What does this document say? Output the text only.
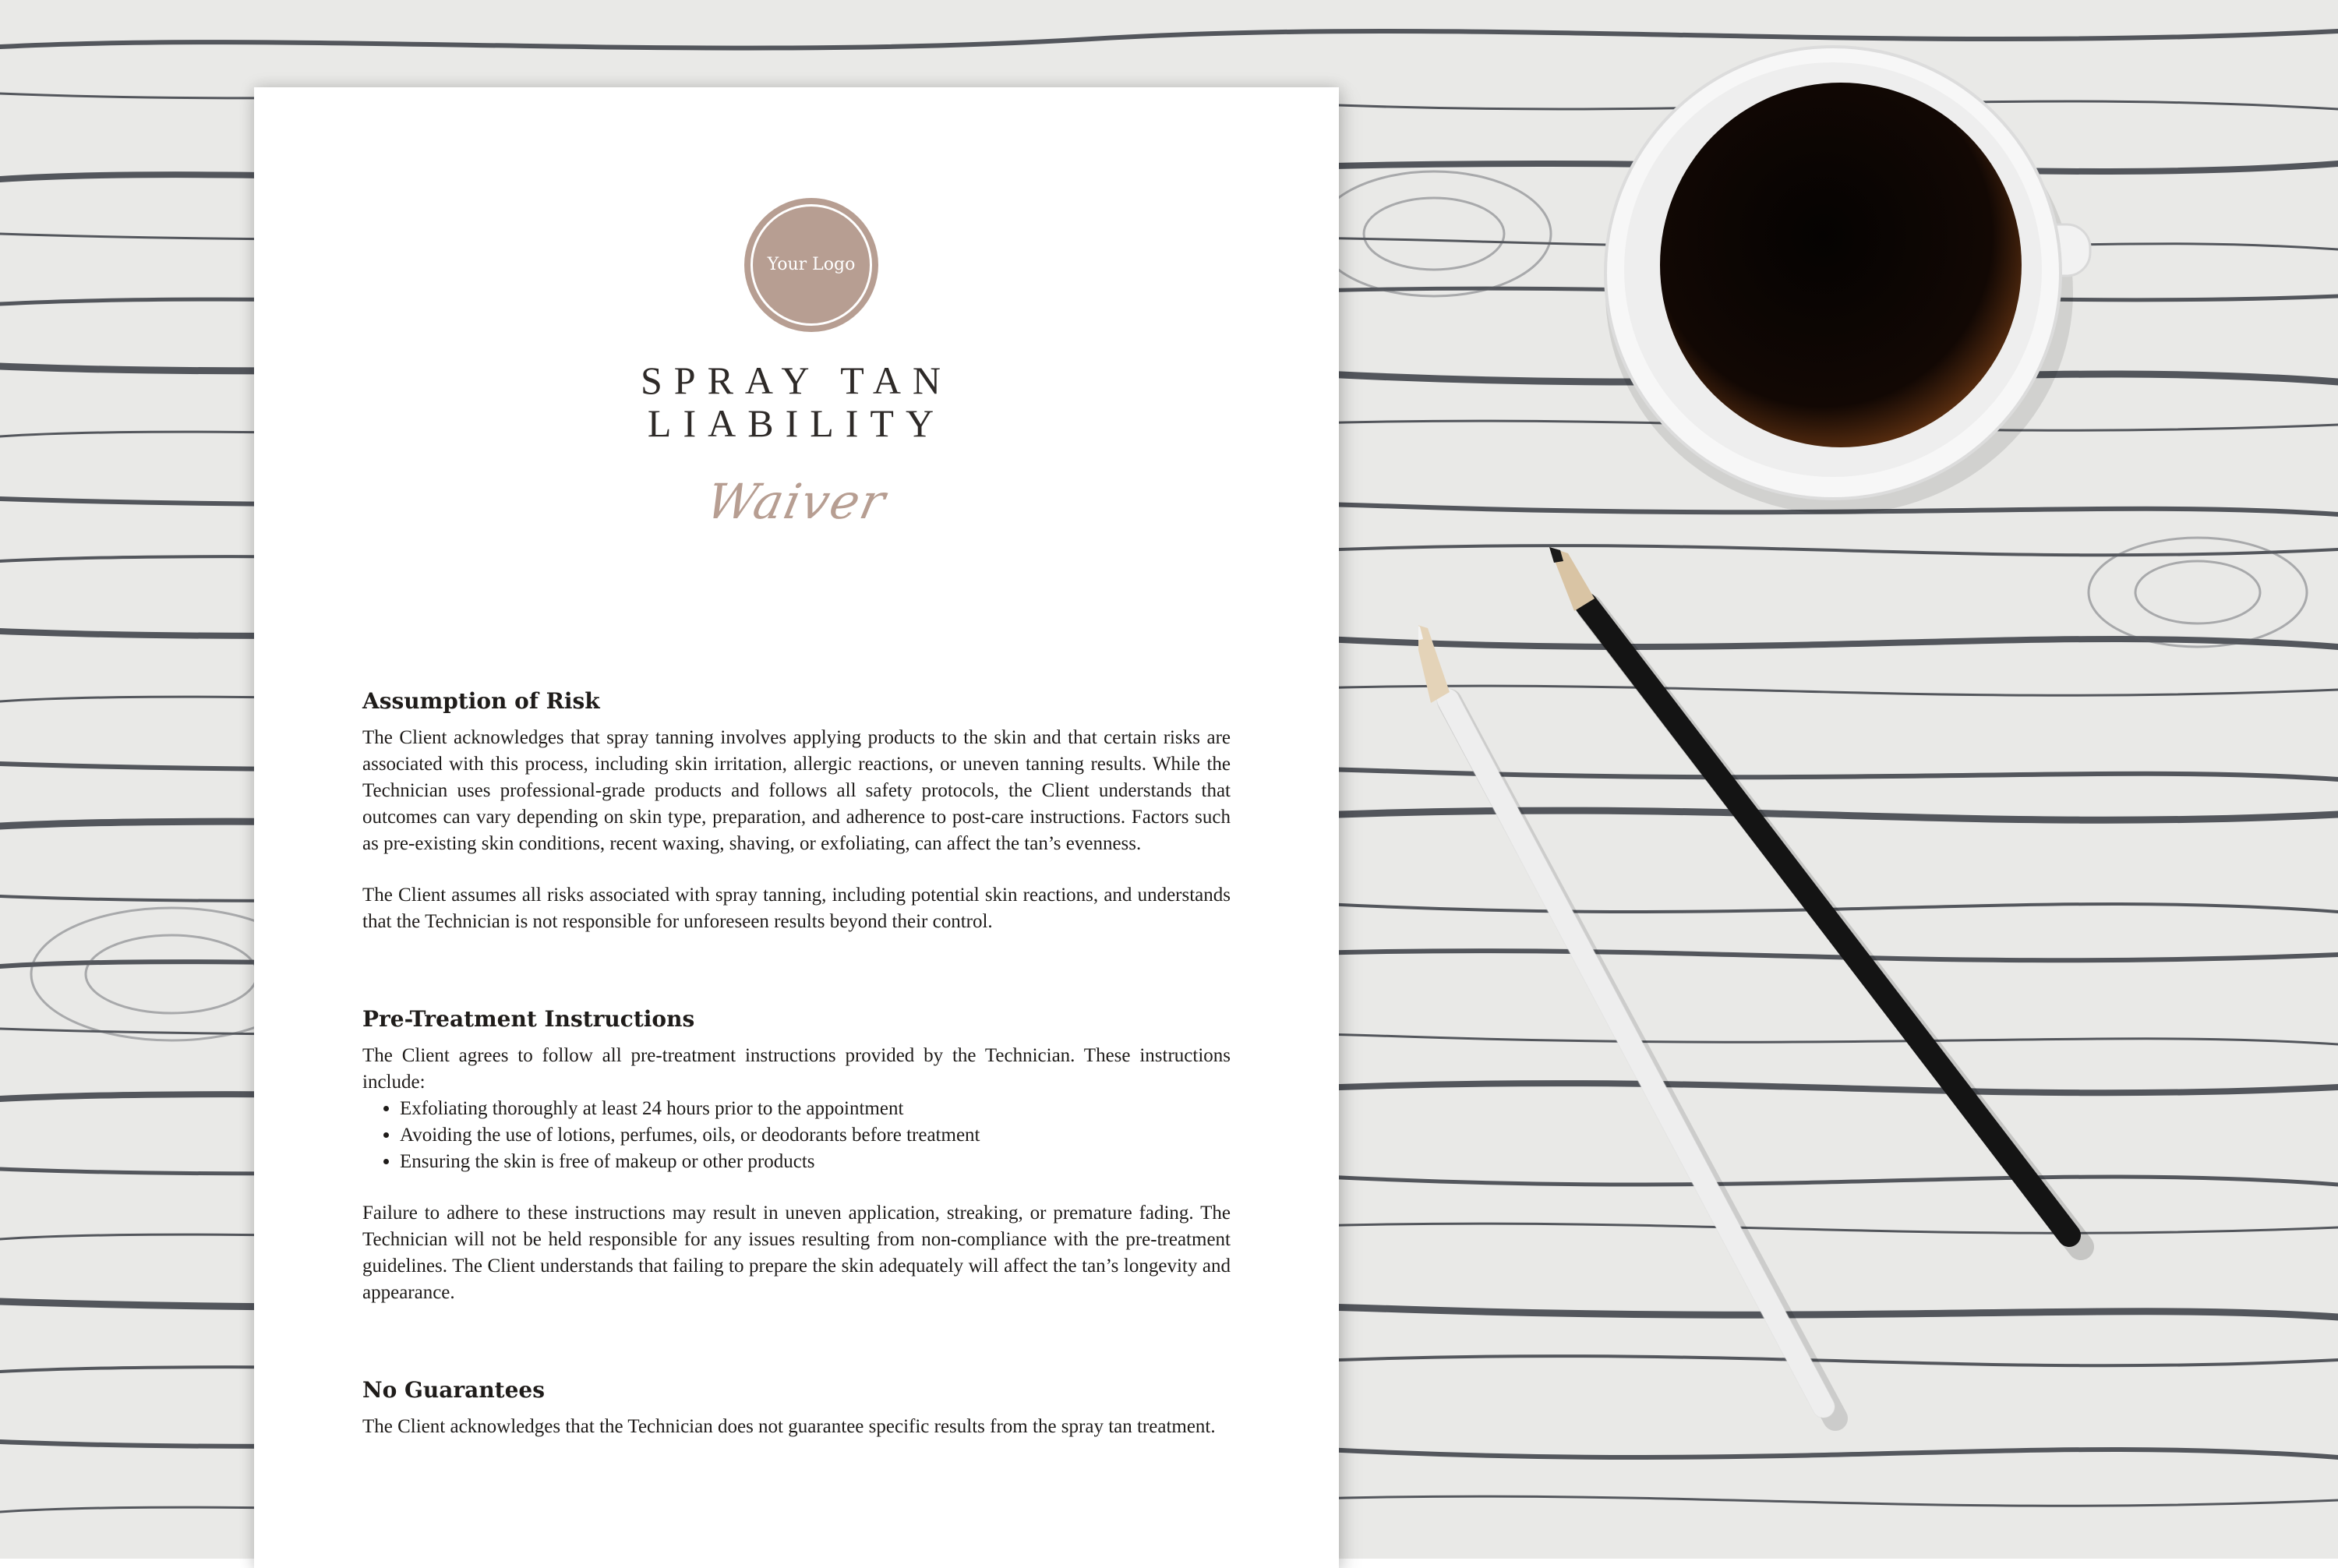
Your Logo
SPRAY TAN
LIABILITY
Waiver
Assumption of Risk

The Client acknowledges that spray tanning involves applying products to the skin and that certain risks are associated with this process, including skin irritation, allergic reactions, or uneven tanning results. While the Technician uses professional-grade products and follows all safety protocols, the Client understands that outcomes can vary depending on skin type, preparation, and adherence to post-care instructions. Factors such as pre-existing skin conditions, recent waxing, shaving, or exfoliating, can affect the tan’s evenness.

The Client assumes all risks associated with spray tanning, including potential skin reactions, and understands that the Technician is not responsible for unforeseen results beyond their control.

Pre-Treatment Instructions

The Client agrees to follow all pre-treatment instructions provided by the Technician. These instructions include:

• Exfoliating thoroughly at least 24 hours prior to the appointment
• Avoiding the use of lotions, perfumes, oils, or deodorants before treatment
• Ensuring the skin is free of makeup or other products

Failure to adhere to these instructions may result in uneven application, streaking, or premature fading. The Technician will not be held responsible for any issues resulting from non-compliance with the pre-treatment guidelines. The Client understands that failing to prepare the skin adequately will affect the tan’s longevity and appearance.

No Guarantees

The Client acknowledges that the Technician does not guarantee specific results from the spray tan treatment.
